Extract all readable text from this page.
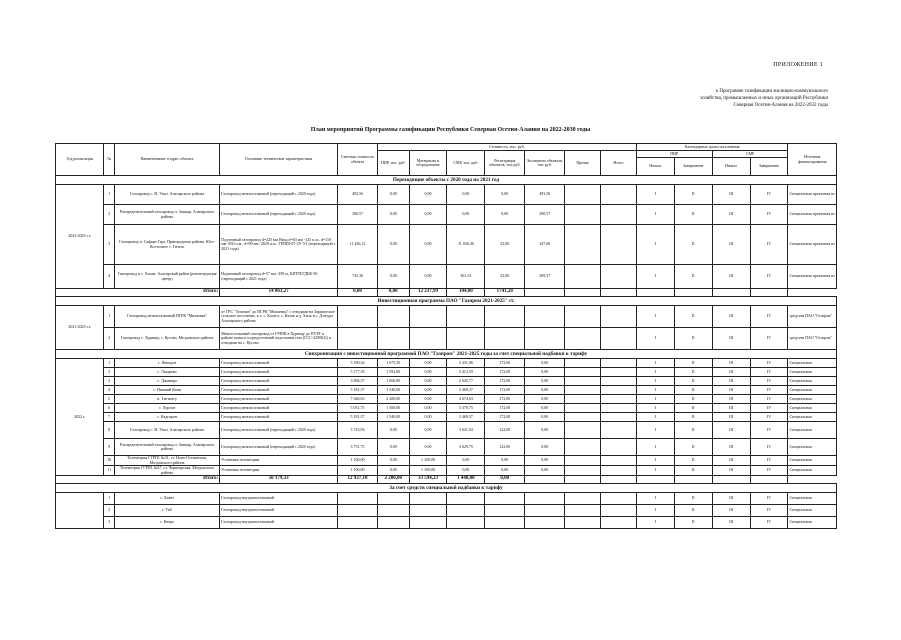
ПРИЛОЖЕНИЕ 1
к Программе газификации жилищно-коммунального хозяйства, промышленных и иных организаций Республики Северная Осетия-Алания на 2022-2032 годы
План мероприятий Программы газификации Республики Северная Осетия-Алания на 2022-2030 годы
Год реализации	№	Наименование и адрес объекта	Основные технические характеристики	Сметная стоимость объекта	Стоимость, тыс. руб.							Календарные сроки исполнения				Источник финансирования
					ПИР, тыс. руб.	Материалы и оборудование	СМР, тыс. руб.	Регистрация объектов, тыс.руб.	Экспертиза объектов, тыс.руб.	Прочие	Итого	ПИР		СМР		
												Начало	Завершение	Начало	Завершение	
Переходящие объекты с 2020 года на 2021 год																
2021-2023 г.г.	1	Газопровод с. Н. Унал. Алагирского района	Газопровод межпоселковый (переходящий с 2020 года)	493,56	0,00	0,00	0,00	0,00	493,56			I	II	III	IV	Специальная проектная ит
	2	Распределительный газопровод п. Зинцар, Алагирского района	Газопровод межпоселковый (переходящий с 2020 года)	390,57	0,00	0,00	0,00	0,00	390,57			I	II	III	IV	Специальная проектная ит
	3	Газопровод п. Сафьян Гарт, Пригородного района, Юго-Восточное с. Гизель	Подземный газопровод d=225 мм Ввод d=63 мм -125 п.м., d=110 мм -850 п.м., d=90 мм -2029 п.м., ГРПШ-07-2У-У1 (переходящий с 2021 года)	11 436,12	0,00	0,00	11 036,46	52,00	347,66			I	II	III	IV	Специальная проектная ит
	4	Газопровод в с. Хилит. Алагирский район (реконструкция центр)	Надземный газопровод d=57 мм -250 м, ШГРП/ГДБК-50 (переходящий с 2021 года)	745,30	0,00	0,00	361,53	52,00	309,57			I	II	III	IV	Специальная проектная ит
Итого:			14 063,27	0,00	0,00	12 237,99	104,00	1741,28								
Инвестиционная программа ПАО "Газпром 2021-2025" гг.																
2021-2025 г.г.	1	Газопровод межпоселковый ПГРК "Михаевка"	от ГРС "Зеличан" до ПГРК "Михаевка" с отводами на Зарамагское сельское поселение, к.л. с. Касаго, с. Калак и д. Хиль в с. Дзагура Алагирского района									I	II	III	IV	средства ПАО "Газпром"
	2	Газопровод с. Хурвацу, с. Кусово, Моздокского района	Межпоселковый газопровод от ГРПШ в Хурвацу до ПУРГ в районе пункта сосредоточений подготовки газа (ГСС-329002)) и отводами на с. Кусово									I	II	III	IV	средства ПАО "Газпром"
Синхронизация с инвестиционной программой ПАО "Газпром" 2021-2025 годы за счет специальной надбавки к тарифу																
2022 г.	1	с. Фиагдон	Газопровод межпоселковый	5 180,34	1 675,50	0,00	3 431,06	172,00	0,00			I	II	III	IV	Специальная
	2	с. Лазарево	Газопровод межпоселковый	5 177,39	1 592,00	0,00	3 413,59	172,00	0,00			I	II	III	IV	Специальная
	3	с. Джимара	Газопровод межпоселковый	3 884,37	1 066,80	0,00	2 645,77	172,00	0,00			I	II	III	IV	Специальная
	4	с. Нижний Кани	Газопровод межпоселковый	5 181,37	1 540,00	0,00	3 469,37	172,00	0,00			I	II	III	IV	Специальная
	5	п. Тмгигагу	Газопровод межпоселковый	7 046,63	2 200,00	0,00	4 674,63	172,00	0,00			I	II	III	IV	Специальная
	6	с. Хурзон	Газопровод межпоселковый	5 051,75	1 500,00	0,00	3 379,75	172,00	0,00			I	II	III	IV	Специальная
	7	с. Кадгарон	Газопровод межпоселковый	5 181,37	1 540,00	0,00	3 469,37	172,00	0,00			I	II	III	IV	Специальная
	8	Газопровод с. Н. Унал. Алагирского района	Газопровод межпоселковый (переходящий с 2020 года)	3 743,94	0,00	0,00	3 621,94	122,00	0,00			I	II	III	IV	Специальная
	9	Распределительный газопровод п. Зинцар, Алагирского района	Газопровод межпоселковый (переходящий с 2020 года)	3 751,75	0,00	0,00	3 629,75	122,00	0,00			I	II	III	IV	Специальная
	10	Телеметрия ГГРП1 №31, ст. Ново-Осетинская, Моздокского района	Установка телеметрии	1 100,00	0,00	1 100,00	0,00	0,00	0,00			I	II	III	IV	Специальная
	11	Телеметрия ГГРП1 №37, ст. Черноярская, Моздокского района	Установка телеметрии	1 100,00	0,00	1 100,00	0,00	0,00	0,00			I	II	III	IV	Специальная
Итого:			50 179,33	12 937,10	2 200,00	33 594,23	1 448,00	0,00								
За счет средств специальной надбавки к тарифу																
	1	с. Хазнт	Газопровод внутрипоселковый									I	II	III	IV	Специальная
	2	с. Тиб	Газопровод внутрипоселковый									I	II	III	IV	Специальная
	3	с. Кнеро	Газопровод внутрипоселковый									I	II	III	IV	Специальная
